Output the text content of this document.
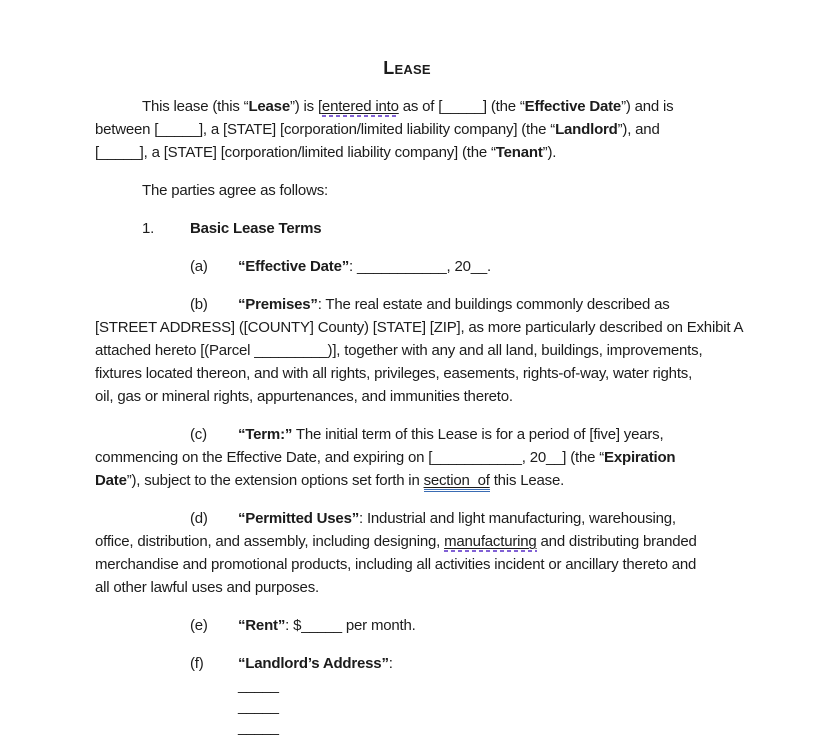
Lease

This lease (this “Lease”) is [entered into as of [_____] (the “Effective Date”) and is
between [_____], a [STATE] [corporation/limited liability company] (the “Landlord”), and
[_____], a [STATE] [corporation/limited liability company] (the “Tenant”).

The parties agree as follows:

1. Basic Lease Terms

(a) “Effective Date”: ___________, 20__.

(b) “Premises”: The real estate and buildings commonly described as
[STREET ADDRESS] ([COUNTY] County) [STATE] [ZIP], as more particularly described on Exhibit A
attached hereto [(Parcel _________)], together with any and all land, buildings, improvements,
fixtures located thereon, and with all rights, privileges, easements, rights-of-way, water rights,
oil, gas or mineral rights, appurtenances, and immunities thereto.

(c) “Term:” The initial term of this Lease is for a period of [five] years,
commencing on the Effective Date, and expiring on [___________, 20__] (the “Expiration
Date”), subject to the extension options set forth in section  of this Lease.

(d) “Permitted Uses”: Industrial and light manufacturing, warehousing,
office, distribution, and assembly, including designing, manufacturing and distributing branded
merchandise and promotional products, including all activities incident or ancillary thereto and
all other lawful uses and purposes.

(e) “Rent”: $_____ per month.

(f) “Landlord’s Address”:

_____

_____

_____
